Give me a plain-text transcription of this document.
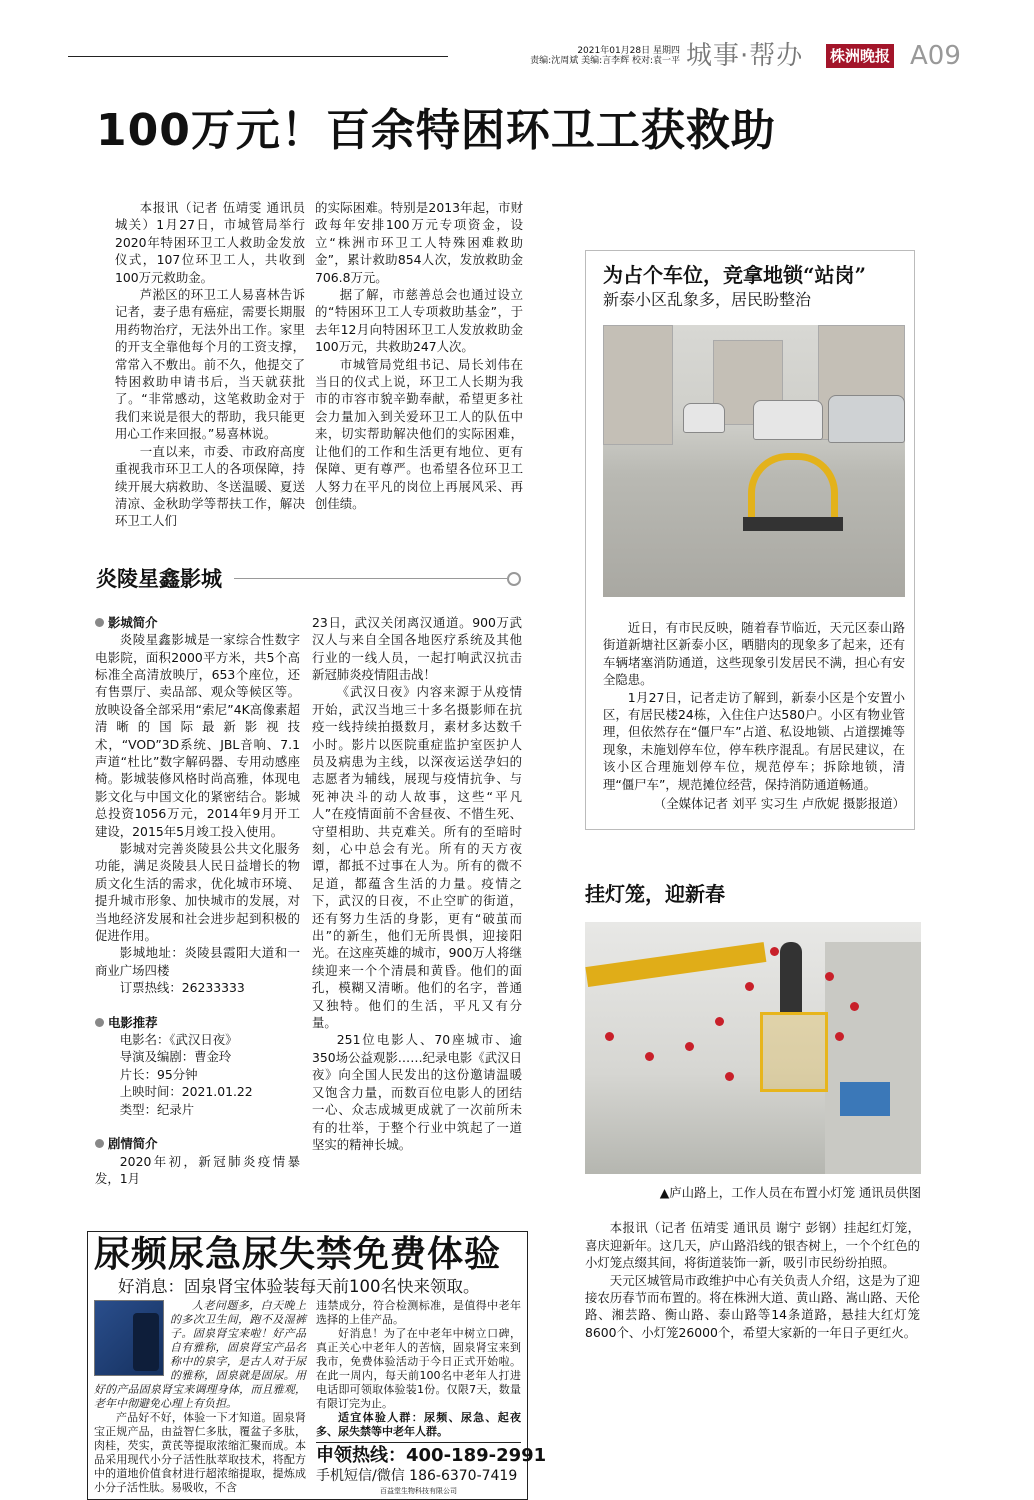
2021年01月28日 星期四
责编:沈周斌 美编:言李辉 校对:袁一平 城事·帮办 株洲晚报 A09
100万元！百余特困环卫工获救助

本报讯（记者 伍靖雯 通讯员 城关）1月27日，市城管局举行2020年特困环卫工人救助金发放仪式，107位环卫工人，共收到100万元救助金。

芦淞区的环卫工人易喜林告诉记者，妻子患有癌症，需要长期服用药物治疗，无法外出工作。家里的开支全靠他每个月的工资支撑，常常入不敷出。前不久，他提交了特困救助申请书后，当天就获批了。“非常感动，这笔救助金对于我们来说是很大的帮助，我只能更用心工作来回报。”易喜林说。

一直以来，市委、市政府高度重视我市环卫工人的各项保障，持续开展大病救助、冬送温暖、夏送清凉、金秋助学等帮扶工作，解决环卫工人们

的实际困难。特别是2013年起，市财政每年安排100万元专项资金，设立“株洲市环卫工人特殊困难救助金”，累计救助854人次，发放救助金706.8万元。

据了解，市慈善总会也通过设立的“特困环卫工人专项救助基金”，于去年12月向特困环卫工人发放救助金100万元，共救助247人次。

市城管局党组书记、局长刘伟在当日的仪式上说，环卫工人长期为我市的市容市貌辛勤奉献，希望更多社会力量加入到关爱环卫工人的队伍中来，切实帮助解决他们的实际困难，让他们的工作和生活更有地位、更有保障、更有尊严。也希望各位环卫工人努力在平凡的岗位上再展风采、再创佳绩。

炎陵星鑫影城

影城简介

炎陵星鑫影城是一家综合性数字电影院，面积2000平方米，共5个高标准全高清放映厅，653个座位，还有售票厅、卖品部、观众等候区等。放映设备全部采用“索尼”4K高像素超清晰的国际最新影视技术，“VOD”3D系统、JBL音响、7.1声道“杜比”数字解码器、专用动感座椅。影城装修风格时尚高雅，体现电影文化与中国文化的紧密结合。影城总投资1056万元，2014年9月开工建设，2015年5月竣工投入使用。

影城对完善炎陵县公共文化服务功能，满足炎陵县人民日益增长的物质文化生活的需求，优化城市环境、提升城市形象、加快城市的发展，对当地经济发展和社会进步起到积极的促进作用。

影城地址：炎陵县霞阳大道和一商业广场四楼

订票热线：26233333

电影推荐

电影名：《武汉日夜》

导演及编剧：曹金玲

片长：95分钟

上映时间：2021.01.22

类型：纪录片

剧情简介

2020年初，新冠肺炎疫情暴发，1月

23日，武汉关闭离汉通道。900万武汉人与来自全国各地医疗系统及其他行业的一线人员，一起打响武汉抗击新冠肺炎疫情阻击战！

《武汉日夜》内容来源于从疫情开始，武汉当地三十多名摄影师在抗疫一线持续拍摄数月，素材多达数千小时。影片以医院重症监护室医护人员及病患为主线，以深夜运送孕妇的志愿者为辅线，展现与疫情抗争、与死神决斗的动人故事，这些“平凡人”在疫情面前不舍昼夜、不惜生死、守望相助、共克难关。所有的至暗时刻，心中总会有光。所有的天方夜谭，都抵不过事在人为。所有的微不足道，都蕴含生活的力量。疫情之下，武汉的日夜，不止空旷的街道，还有努力生活的身影，更有“破茧而出”的新生，他们无所畏惧，迎接阳光。在这座英雄的城市，900万人将继续迎来一个个清晨和黄昏。他们的面孔，模糊又清晰。他们的名字，普通又独特。他们的生活，平凡又有分量。

251位电影人、70座城市、逾350场公益观影……纪录电影《武汉日夜》向全国人民发出的这份邀请温暖又饱含力量，而数百位电影人的团结一心、众志成城更成就了一次前所未有的壮举，于整个行业中筑起了一道坚实的精神长城。

尿频尿急尿失禁免费体验
好消息：固泉肾宝体验装每天前100名快来领取。
人老问题多，白天晚上的多次卫生间，跑不及湿裤子。固泉肾宝来啦！好产品自有雅称，固泉肾宝产品名称中的泉字，是古人对于尿的雅称，固泉就是固尿。用好的产品固泉肾宝来调理身体，而且雅观，老年中彻避免心理上有负担。
产品好不好，体验一下才知道。固泉肾宝正规产品，由益智仁多肽，覆盆子多肽，肉桂，芡实，黄芪等提取浓缩汇聚而成。本品采用现代小分子活性肽萃取技术，将配方中的道地价值食材进行超浓缩提取，提炼成小分子活性肽。易吸收，不含
违禁成分，符合检测标准，是值得中老年选择的上佳产品。
好消息！为了在中老年中树立口碑，真正关心中老年人的苦恼，固泉肾宝来到我市，免费体验活动于今日正式开始啦。在此一周内，每天前100名中老年人打进电话即可领取体验装1份。仅限7天，数量有限订完为止。
适宜体验人群：尿频、尿急、起夜多、尿失禁等中老年人群。
申领热线：400-189-2991
手机短信/微信 186-6370-7419
百益堂生物科技有限公司
为占个车位，竞拿地锁“站岗”
新泰小区乱象多，居民盼整治

近日，有市民反映，随着春节临近，天元区泰山路街道新塘社区新泰小区，晒腊肉的现象多了起来，还有车辆堵塞消防通道，这些现象引发居民不满，担心有安全隐患。

1月27日，记者走访了解到，新泰小区是个安置小区，有居民楼24栋，入住住户达580户。小区有物业管理，但依然存在“僵尸车”占道、私设地锁、占道摆摊等现象，未施划停车位，停车秩序混乱。有居民建议，在该小区合理施划停车位，规范停车；拆除地锁，清理“僵尸车”，规范摊位经营，保持消防通道畅通。

（全媒体记者 刘平 实习生 卢欣妮 摄影报道）
挂灯笼，迎新春
▲庐山路上，工作人员在布置小灯笼 通讯员供图

本报讯（记者 伍靖雯 通讯员 谢宁 彭钢）挂起红灯笼，喜庆迎新年。这几天，庐山路沿线的银杏树上，一个个红色的小灯笼点缀其间，将街道装饰一新，吸引市民纷纷拍照。

天元区城管局市政维护中心有关负责人介绍，这是为了迎接农历春节而布置的。将在株洲大道、黄山路、嵩山路、天伦路、湘芸路、衡山路、泰山路等14条道路，悬挂大红灯笼8600个、小灯笼26000个，希望大家新的一年日子更红火。
